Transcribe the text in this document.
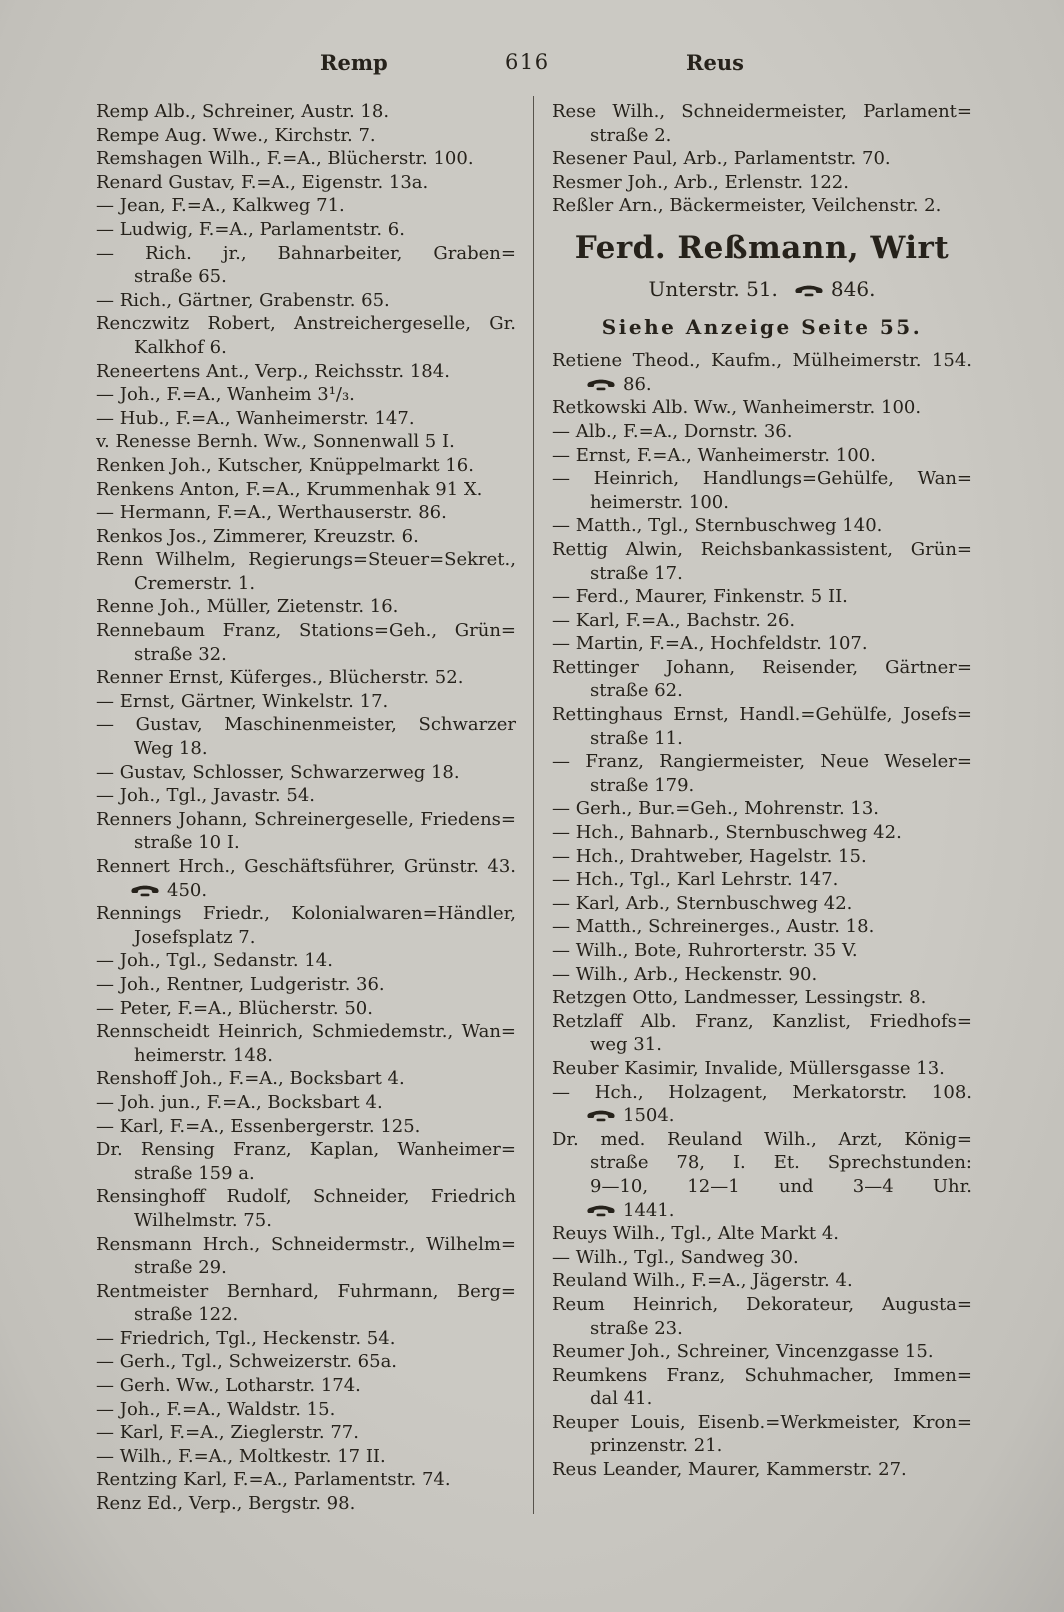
Remp	616	Reus
Remp Alb., Schreiner, Austr. 18.
Rempe Aug. Wwe., Kirchstr. 7.
Remshagen Wilh., F.=A., Blücherstr. 100.
Renard Gustav, F.=A., Eigenstr. 13a.
— Jean, F.=A., Kalkweg 71.
— Ludwig, F.=A., Parlamentstr. 6.
— Rich. jr., Bahnarbeiter, Graben=
straße 65.
— Rich., Gärtner, Grabenstr. 65.
Renczwitz Robert, Anstreichergeselle, Gr.
Kalkhof 6.
Reneertens Ant., Verp., Reichsstr. 184.
— Joh., F.=A., Wanheim 3¹/₃.
— Hub., F.=A., Wanheimerstr. 147.
v. Renesse Bernh. Ww., Sonnenwall 5 I.
Renken Joh., Kutscher, Knüppelmarkt 16.
Renkens Anton, F.=A., Krummenhak 91 X.
— Hermann, F.=A., Werthauserstr. 86.
Renkos Jos., Zimmerer, Kreuzstr. 6.
Renn Wilhelm, Regierungs=Steuer=Sekret.,
Cremerstr. 1.
Renne Joh., Müller, Zietenstr. 16.
Rennebaum Franz, Stations=Geh., Grün=
straße 32.
Renner Ernst, Küferges., Blücherstr. 52.
— Ernst, Gärtner, Winkelstr. 17.
— Gustav, Maschinenmeister, Schwarzer
Weg 18.
— Gustav, Schlosser, Schwarzerweg 18.
— Joh., Tgl., Javastr. 54.
Renners Johann, Schreinergeselle, Friedens=
straße 10 I.
Rennert Hrch., Geschäftsführer, Grünstr. 43.
450.
Rennings Friedr., Kolonialwaren=Händler,
Josefsplatz 7.
— Joh., Tgl., Sedanstr. 14.
— Joh., Rentner, Ludgeristr. 36.
— Peter, F.=A., Blücherstr. 50.
Rennscheidt Heinrich, Schmiedemstr., Wan=
heimerstr. 148.
Renshoff Joh., F.=A., Bocksbart 4.
— Joh. jun., F.=A., Bocksbart 4.
— Karl, F.=A., Essenbergerstr. 125.
Dr. Rensing Franz, Kaplan, Wanheimer=
straße 159 a.
Rensinghoff Rudolf, Schneider, Friedrich
Wilhelmstr. 75.
Rensmann Hrch., Schneidermstr., Wilhelm=
straße 29.
Rentmeister Bernhard, Fuhrmann, Berg=
straße 122.
— Friedrich, Tgl., Heckenstr. 54.
— Gerh., Tgl., Schweizerstr. 65a.
— Gerh. Ww., Lotharstr. 174.
— Joh., F.=A., Waldstr. 15.
— Karl, F.=A., Zieglerstr. 77.
— Wilh., F.=A., Moltkestr. 17 II.
Rentzing Karl, F.=A., Parlamentstr. 74.
Renz Ed., Verp., Bergstr. 98.
Rese Wilh., Schneidermeister, Parlament=
straße 2.
Resener Paul, Arb., Parlamentstr. 70.
Resmer Joh., Arb., Erlenstr. 122.
Reßler Arn., Bäckermeister, Veilchenstr. 2.
Ferd. Reßmann, Wirt
Unterstr. 51.	846.
Siehe Anzeige Seite 55.
Retiene Theod., Kaufm., Mülheimerstr. 154.
86.
Retkowski Alb. Ww., Wanheimerstr. 100.
— Alb., F.=A., Dornstr. 36.
— Ernst, F.=A., Wanheimerstr. 100.
— Heinrich, Handlungs=Gehülfe, Wan=
heimerstr. 100.
— Matth., Tgl., Sternbuschweg 140.
Rettig Alwin, Reichsbankassistent, Grün=
straße 17.
— Ferd., Maurer, Finkenstr. 5 II.
— Karl, F.=A., Bachstr. 26.
— Martin, F.=A., Hochfeldstr. 107.
Rettinger Johann, Reisender, Gärtner=
straße 62.
Rettinghaus Ernst, Handl.=Gehülfe, Josefs=
straße 11.
— Franz, Rangiermeister, Neue Weseler=
straße 179.
— Gerh., Bur.=Geh., Mohrenstr. 13.
— Hch., Bahnarb., Sternbuschweg 42.
— Hch., Drahtweber, Hagelstr. 15.
— Hch., Tgl., Karl Lehrstr. 147.
— Karl, Arb., Sternbuschweg 42.
— Matth., Schreinerges., Austr. 18.
— Wilh., Bote, Ruhrorterstr. 35 V.
— Wilh., Arb., Heckenstr. 90.
Retzgen Otto, Landmesser, Lessingstr. 8.
Retzlaff Alb. Franz, Kanzlist, Friedhofs=
weg 31.
Reuber Kasimir, Invalide, Müllersgasse 13.
— Hch., Holzagent, Merkatorstr. 108.
1504.
Dr. med. Reuland Wilh., Arzt, König=
straße 78, I. Et. Sprechstunden:
9—10, 12—1 und 3—4 Uhr.
1441.
Reuys Wilh., Tgl., Alte Markt 4.
— Wilh., Tgl., Sandweg 30.
Reuland Wilh., F.=A., Jägerstr. 4.
Reum Heinrich, Dekorateur, Augusta=
straße 23.
Reumer Joh., Schreiner, Vincenzgasse 15.
Reumkens Franz, Schuhmacher, Immen=
dal 41.
Reuper Louis, Eisenb.=Werkmeister, Kron=
prinzenstr. 21.
Reus Leander, Maurer, Kammerstr. 27.
